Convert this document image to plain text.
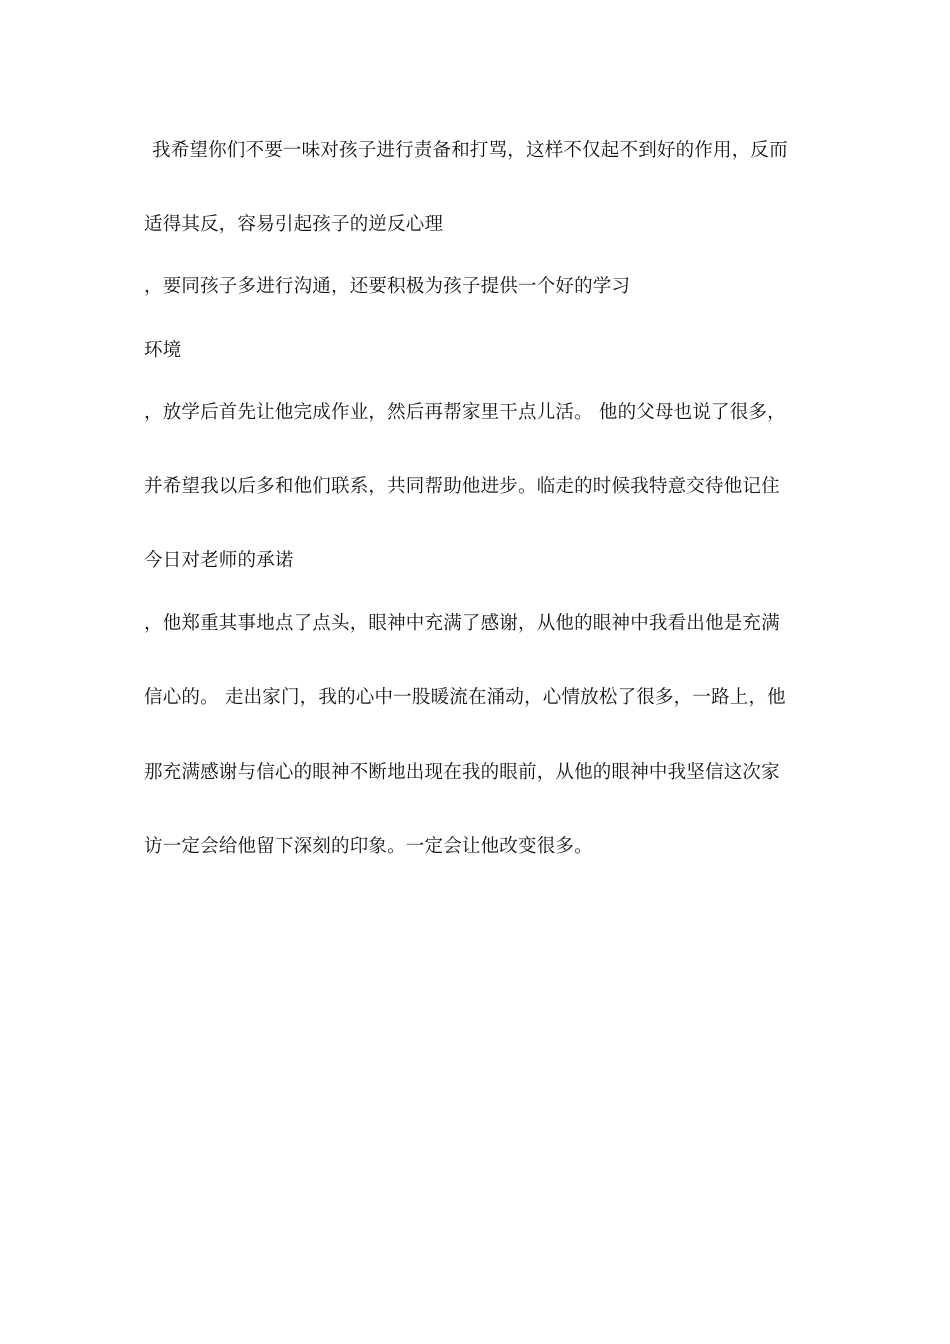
我希望你们不要一味对孩子进行责备和打骂，这样不仅起不到好的作用，反而

适得其反，容易引起孩子的逆反心理

，要同孩子多进行沟通，还要积极为孩子提供一个好的学习

环境

，放学后首先让他完成作业，然后再帮家里干点儿活。 他的父母也说了很多，

并希望我以后多和他们联系，共同帮助他进步。临走的时候我特意交待他记住

今日对老师的承诺

，他郑重其事地点了点头，眼神中充满了感谢，从他的眼神中我看出他是充满

信心的。 走出家门，我的心中一股暖流在涌动，心情放松了很多，一路上，他

那充满感谢与信心的眼神不断地出现在我的眼前，从他的眼神中我坚信这次家

访一定会给他留下深刻的印象。一定会让他改变很多。
